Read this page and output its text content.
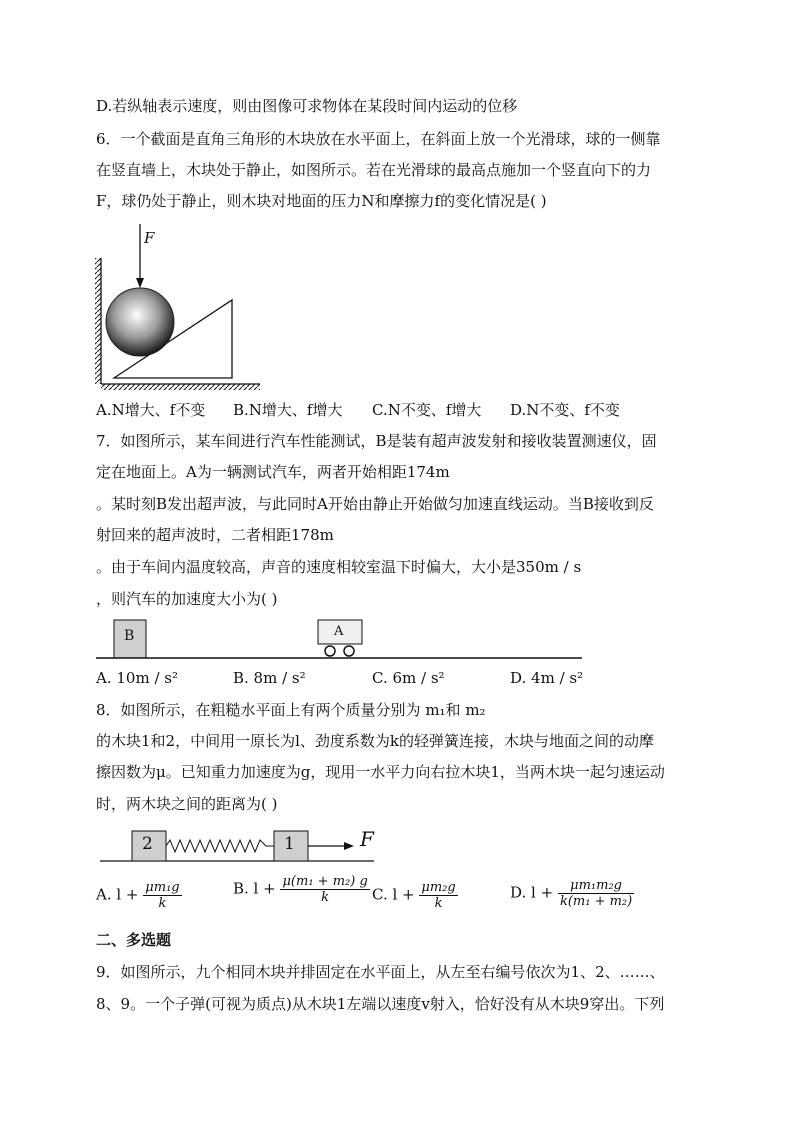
D.若纵轴表示速度，则由图像可求物体在某段时间内运动的位移
6．一个截面是直角三角形的木块放在水平面上，在斜面上放一个光滑球，球的一侧靠
在竖直墙上，木块处于静止，如图所示。若在光滑球的最高点施加一个竖直向下的力
F，球仍处于静止，则木块对地面的压力N和摩擦力f的变化情况是( )
F
A.N增大、f不变 B.N增大、f增大 C.N不变、f增大 D.N不变、f不变
7．如图所示，某车间进行汽车性能测试，B是装有超声波发射和接收装置测速仪，固
定在地面上。A为一辆测试汽车，两者开始相距174m
。某时刻B发出超声波，与此同时A开始由静止开始做匀加速直线运动。当B接收到反
射回来的超声波时，二者相距178m
。由于车间内温度较高，声音的速度相较室温下时偏大，大小是350m / s
，则汽车的加速度大小为( )
B	A
A. 10m / s²	B. 8m / s²	C. 6m / s²	D. 4m / s²
8．如图所示，在粗糙水平面上有两个质量分别为 m₁和 m₂
的木块1和2，中间用一原长为l、劲度系数为k的轻弹簧连接，木块与地面之间的动摩
擦因数为μ。已知重力加速度为g，现用一水平力向右拉木块1，当两木块一起匀速运动
时，两木块之间的距离为( )
2	1	F
A. $l + \frac{\text{μm₁g}}{k}$	B. $l + \frac{\text{μ(m₁ + m₂) g}}{k} C$. $l + \frac{\text{μm₂g}}{k}$	D. $l + \frac{\text{μm₁m₂g}}{\text{k(m₁ + m₂)}}$
二、多选题
9．如图所示，九个相同木块并排固定在水平面上，从左至右编号依次为1、2、……、
8、9。一个子弹(可视为质点)从木块1左端以速度v射入，恰好没有从木块9穿出。下列
